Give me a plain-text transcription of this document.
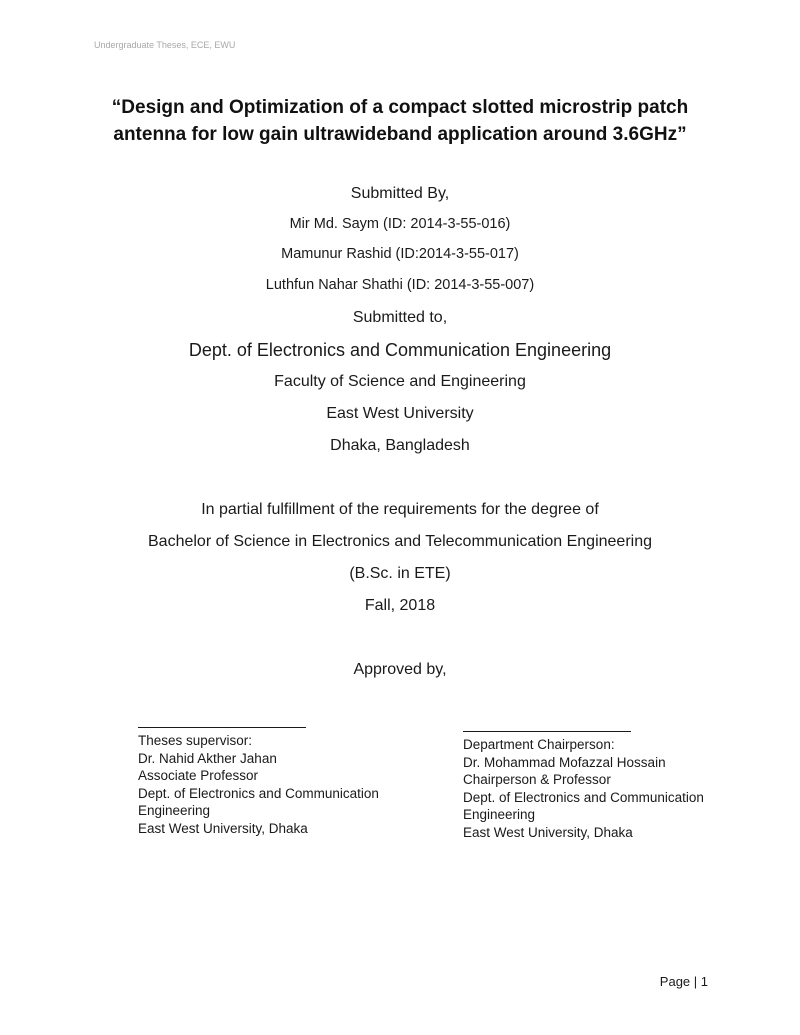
Undergraduate Theses, ECE, EWU
“Design and Optimization of a compact slotted microstrip patch
antenna for low gain ultrawideband application around 3.6GHz”
Submitted By,
Mir Md. Saym (ID: 2014-3-55-016)
Mamunur Rashid (ID:2014-3-55-017)
Luthfun Nahar Shathi (ID: 2014-3-55-007)
Submitted to,
Dept. of Electronics and Communication Engineering
Faculty of Science and Engineering
East West University
Dhaka, Bangladesh
In partial fulfillment of the requirements for the degree of
Bachelor of Science in Electronics and Telecommunication Engineering
(B.Sc. in ETE)
Fall, 2018
Approved by,
Theses supervisor:
Dr. Nahid Akther Jahan
Associate Professor
Dept. of Electronics and Communication
Engineering
East West University, Dhaka
Department Chairperson:
Dr. Mohammad Mofazzal Hossain
Chairperson & Professor
Dept. of Electronics and Communication
Engineering
East West University, Dhaka
Page | 1
